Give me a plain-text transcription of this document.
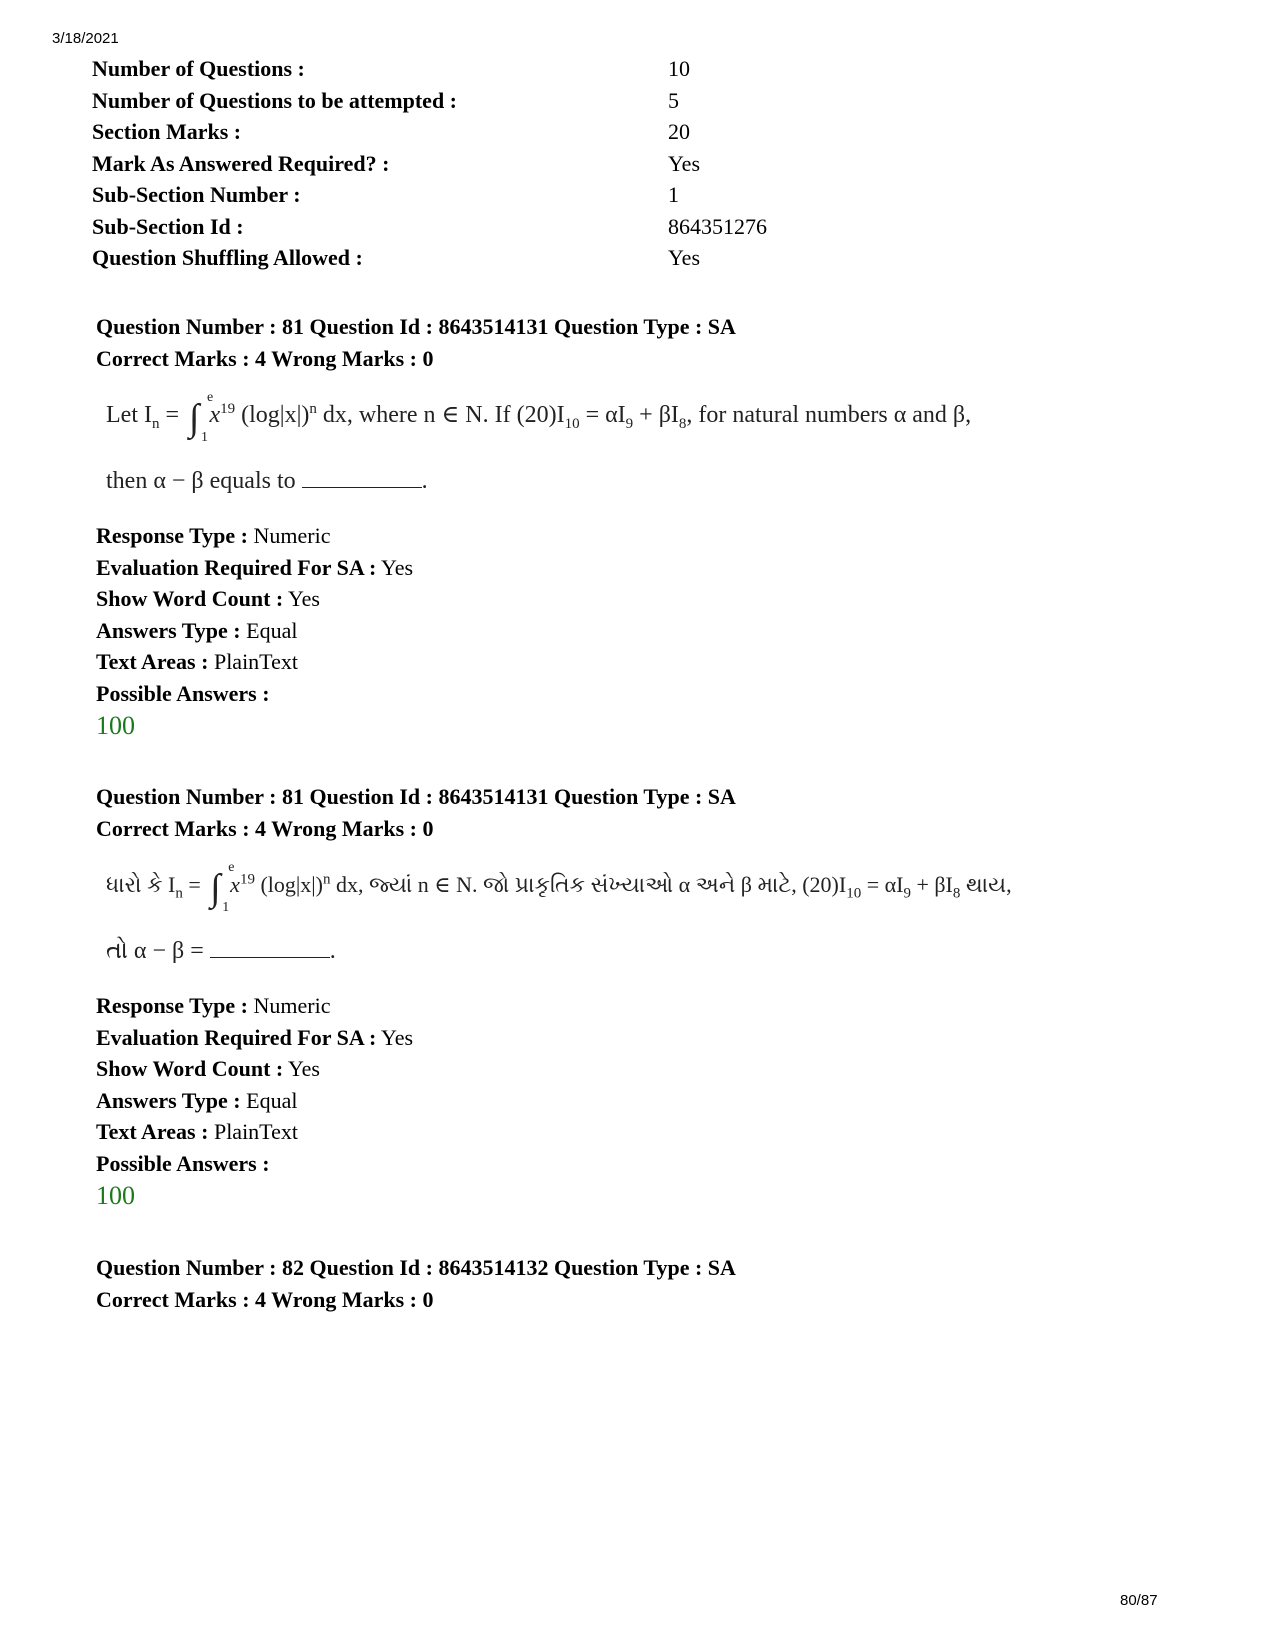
3/18/2021
Number of Questions :	10
Number of Questions to be attempted :	5
Section Marks :	20
Mark As Answered Required? :	Yes
Sub-Section Number :	1
Sub-Section Id :	864351276
Question Shuffling Allowed :	Yes
Question Number : 81 Question Id : 8643514131 Question Type : SA
Correct Marks : 4 Wrong Marks : 0
Let $I_n$ = ∫ e
1
$x^{19}$ $(\log|x|)^n$ dx, where n ∈ N. If $(20)I_{10} = \alpha I_9 + \beta I_8$, for natural numbers α and β,
then α − β equals to	.
Response Type : Numeric
Evaluation Required For SA : Yes
Show Word Count : Yes
Answers Type : Equal
Text Areas : PlainText
Possible Answers :
100
Question Number : 81 Question Id : 8643514131 Question Type : SA
Correct Marks : 4 Wrong Marks : 0
ધારો કે $I_n$ = ∫ e
1
$x^{19}$ $(\log|x|)^n$ dx, જ્યાં n ∈ N. જો પ્રાકૃતિક સંખ્યાઓ α અને β માટે, $(20)I_{10} = \alpha I_9 + \beta I_8$ થાય,
તો α − β =	.
Response Type : Numeric
Evaluation Required For SA : Yes
Show Word Count : Yes
Answers Type : Equal
Text Areas : PlainText
Possible Answers :
100
Question Number : 82 Question Id : 8643514132 Question Type : SA
Correct Marks : 4 Wrong Marks : 0
80/87
